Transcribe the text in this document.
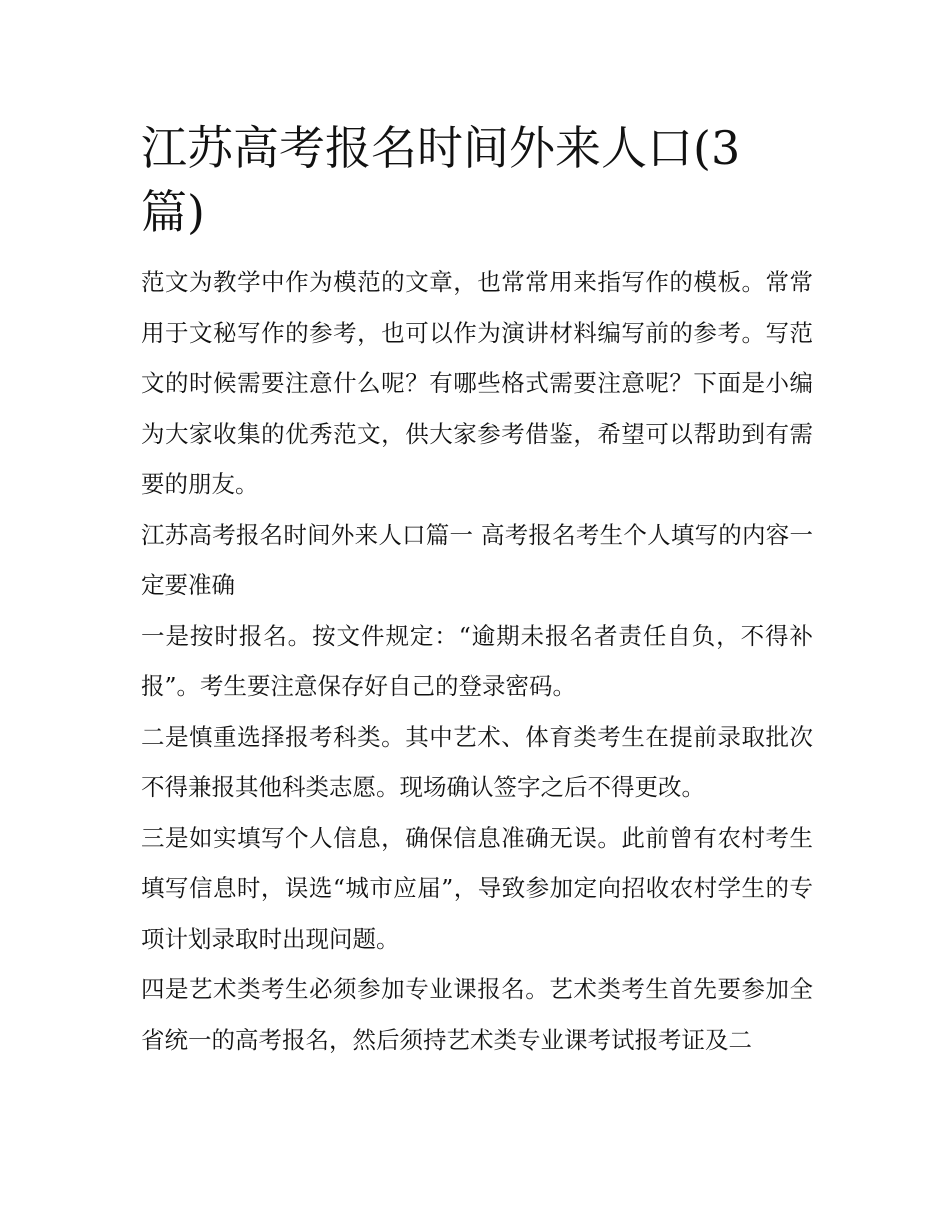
江苏高考报名时间外来人口(3篇)

范文为教学中作为模范的文章，也常常用来指写作的模板。常常用于文秘写作的参考，也可以作为演讲材料编写前的参考。写范文的时候需要注意什么呢？有哪些格式需要注意呢？下面是小编为大家收集的优秀范文，供大家参考借鉴，希望可以帮助到有需要的朋友。

江苏高考报名时间外来人口篇一 高考报名考生个人填写的内容一定要准确

一是按时报名。按文件规定：“逾期未报名者责任自负，不得补报”。考生要注意保存好自己的登录密码。

二是慎重选择报考科类。其中艺术、体育类考生在提前录取批次不得兼报其他科类志愿。现场确认签字之后不得更改。

三是如实填写个人信息，确保信息准确无误。此前曾有农村考生填写信息时，误选“城市应届”，导致参加定向招收农村学生的专项计划录取时出现问题。

四是艺术类考生必须参加专业课报名。艺术类考生首先要参加全省统一的高考报名，然后须持艺术类专业课考试报考证及二
